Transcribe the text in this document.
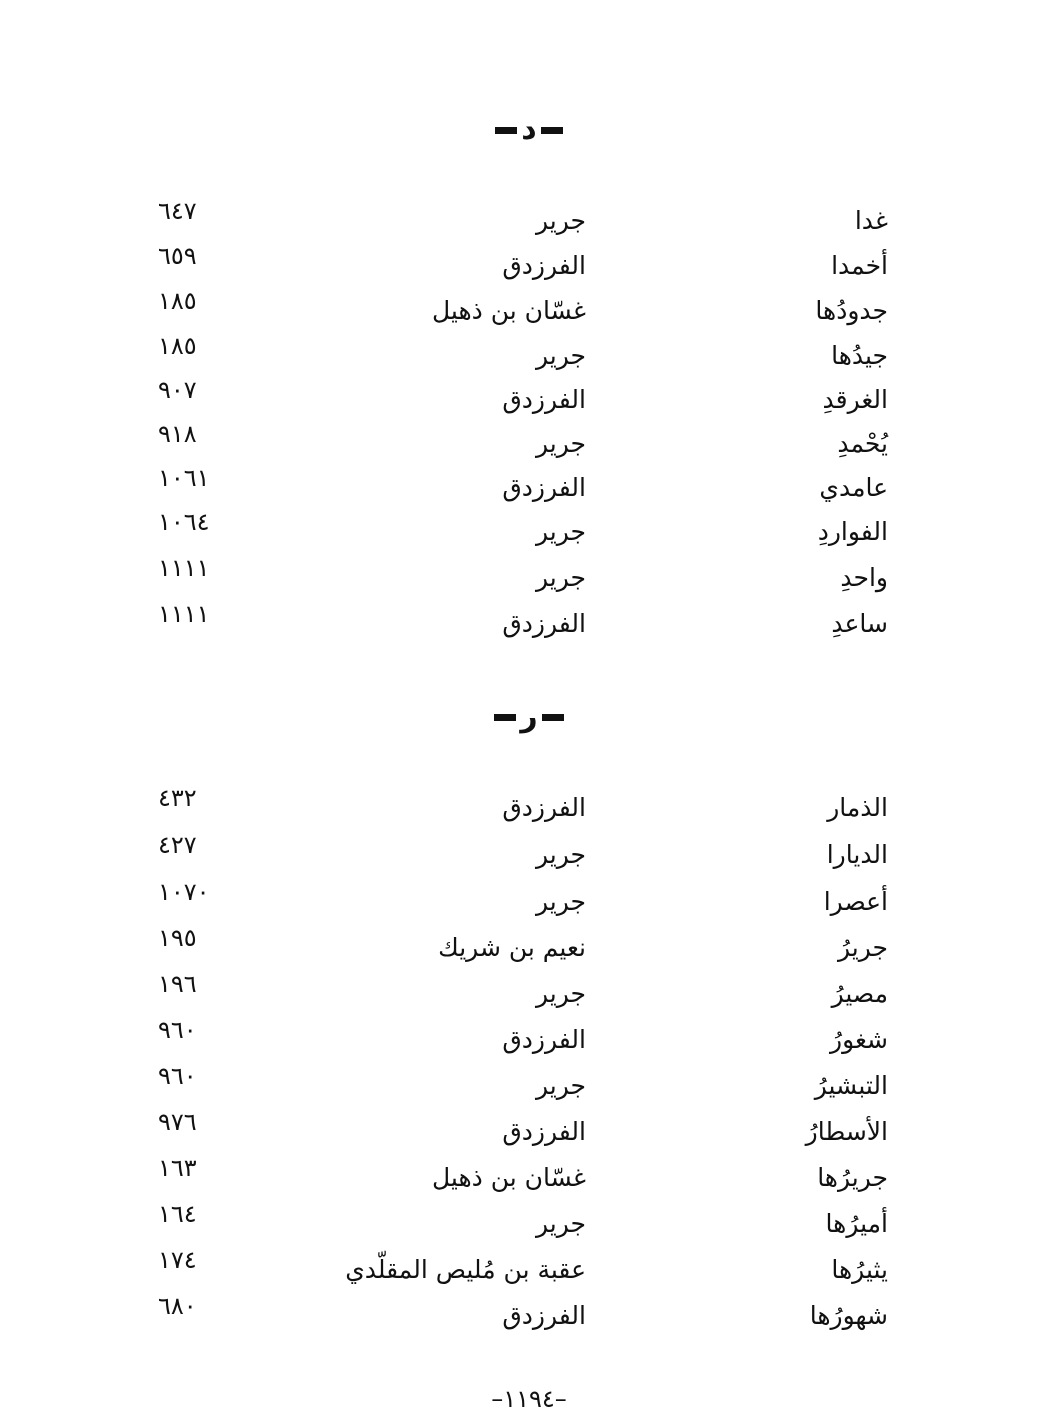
د
غدا
جرير
٦٤٧
أخمدا
الفرزدق
٦٥٩
جدودُها
غسّان بن ذهيل
١٨٥
جيدُها
جرير
١٨٥
الغرقدِ
الفرزدق
٩٠٧
يُحْمدِ
جرير
٩١٨
عامدي
الفرزدق
١٠٦١
الفواردِ
جرير
١٠٦٤
واحدِ
جرير
١١١١
ساعدِ
الفرزدق
١١١١
ر
الذمار
الفرزدق
٤٣٢
الديارا
جرير
٤٢٧
أعصرا
جرير
١٠٧٠
جريرُ
نعيم بن شريك
١٩٥
مصيرُ
جرير
١٩٦
شغورُ
الفرزدق
٩٦٠
التبشيرُ
جرير
٩٦٠
الأسطارُ
الفرزدق
٩٧٦
جريرُها
غسّان بن ذهيل
١٦٣
أميرُها
جرير
١٦٤
يثيرُها
عقبة بن مُليص المقلّدي
١٧٤
شهورُها
الفرزدق
٦٨٠
–١١٩٤–
